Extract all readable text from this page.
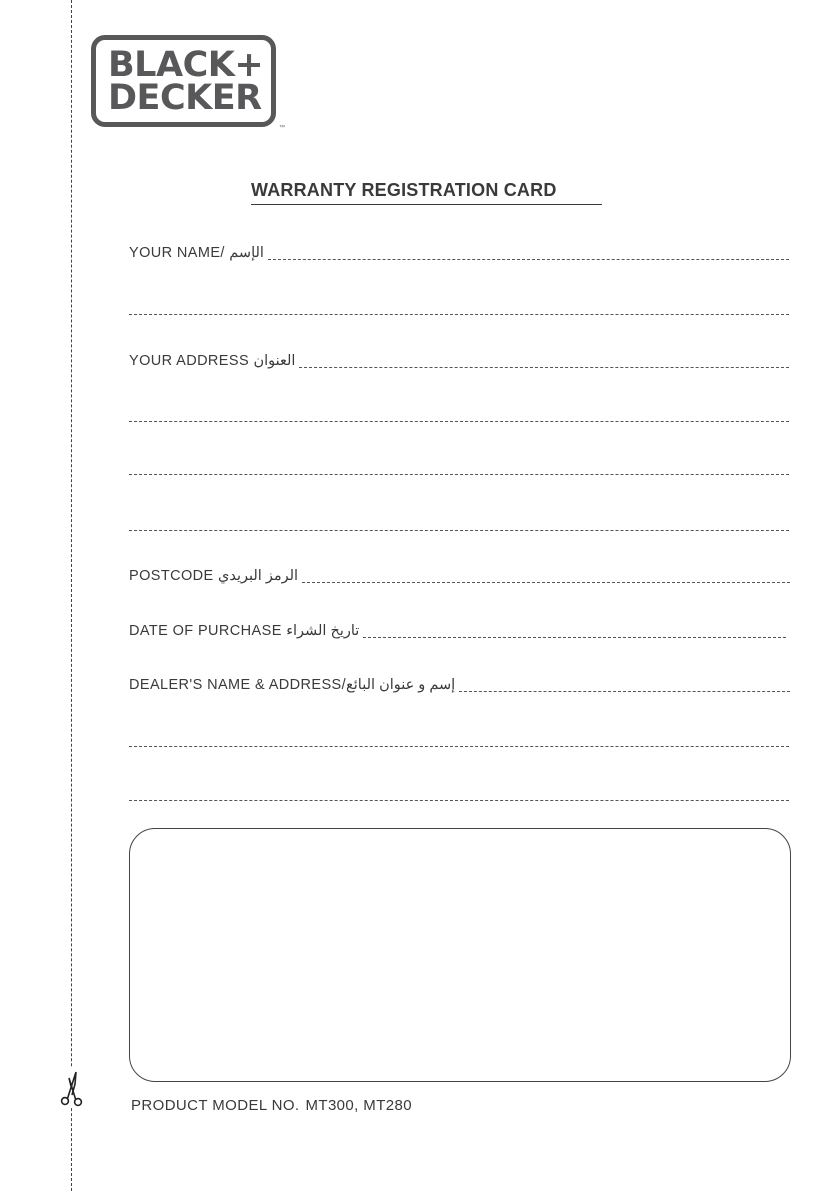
BLACK+
DECKER
™
WARRANTY REGISTRATION CARD
YOUR NAME/ الإسم
YOUR ADDRESS العنوان
POSTCODE الرمز البريدي
DATE OF PURCHASE تاريخ الشراء
DEALER'S NAME & ADDRESS/إسم و عنوان البائع
PRODUCT MODEL NO. MT300, MT280
